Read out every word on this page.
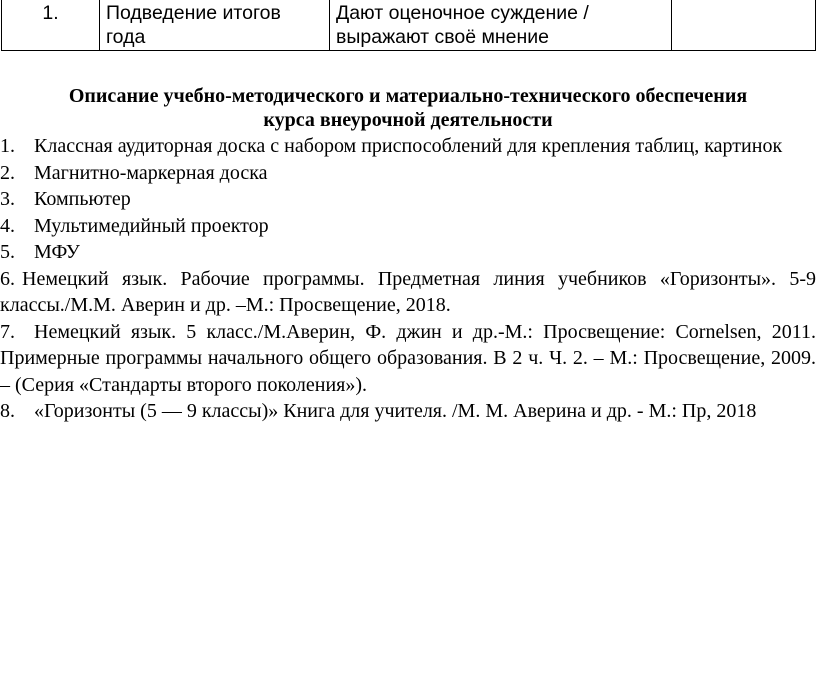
1.	Подведение итогов года	Дают оценочное суждение / выражают своё мнение	
Описание учебно-методического и материально-технического обеспечения
курса внеурочной деятельности
1. Классная аудиторная доска с набором приспособлений для крепления таблиц, картинок
2. Магнитно-маркерная доска
3. Компьютер
4. Мультимедийный проектор
5. МФУ
6. Немецкий язык. Рабочие программы. Предметная линия учебников «Горизонты». 5-9 классы./М.М. Аверин и др. –М.: Просвещение, 2018.
7. Немецкий язык. 5 класс./М.Аверин, Ф. джин и др.-М.: Просвещение: Cornelsen, 2011. Примерные программы начального общего образования. В 2 ч. Ч. 2. – М.: Просвещение, 2009. – (Серия «Стандарты второго поколения»).
8. «Горизонты (5 — 9 классы)» Книга для учителя. /М. М. Аверина и др. - М.: Пр, 2018
